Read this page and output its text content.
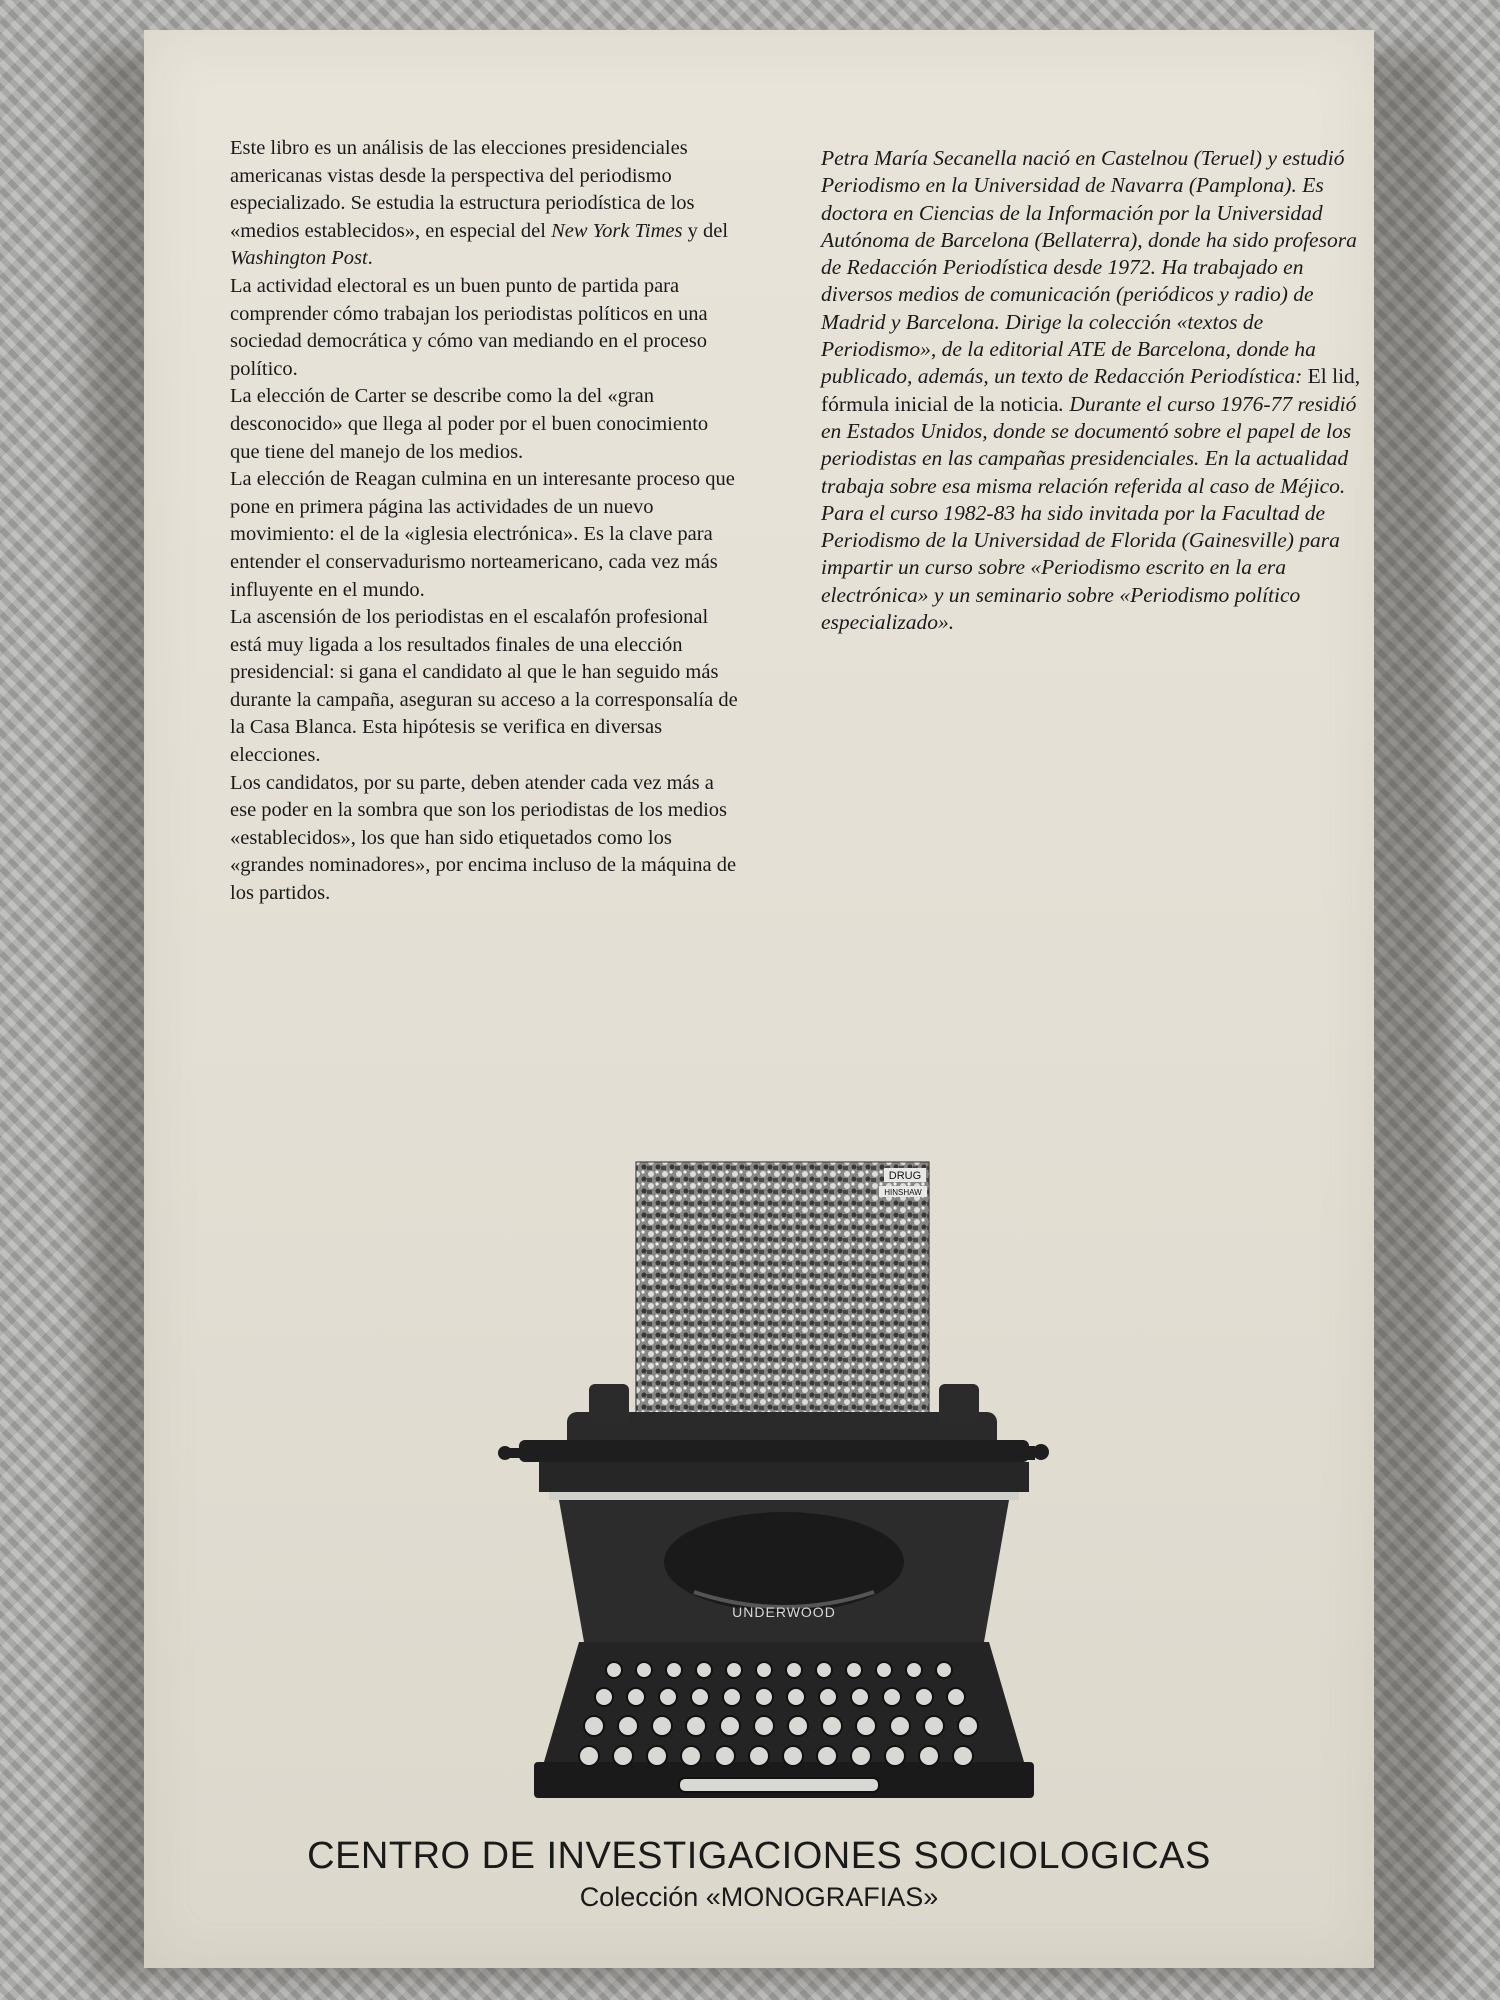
Este libro es un análisis de las elecciones presidenciales americanas vistas desde la perspectiva del periodismo especializado. Se estudia la estructura periodística de los «medios establecidos», en especial del New York Times y del Washington Post.

La actividad electoral es un buen punto de partida para comprender cómo trabajan los periodistas políticos en una sociedad democrática y cómo van mediando en el proceso político.

La elección de Carter se describe como la del «gran desconocido» que llega al poder por el buen conocimiento que tiene del manejo de los medios.

La elección de Reagan culmina en un interesante proceso que pone en primera página las actividades de un nuevo movimiento: el de la «iglesia electrónica». Es la clave para entender el conservadurismo norteamericano, cada vez más influyente en el mundo.

La ascensión de los periodistas en el escalafón profesional está muy ligada a los resultados finales de una elección presidencial: si gana el candidato al que le han seguido más durante la campaña, aseguran su acceso a la corresponsalía de la Casa Blanca. Esta hipótesis se verifica en diversas elecciones.

Los candidatos, por su parte, deben atender cada vez más a ese poder en la sombra que son los periodistas de los medios «establecidos», los que han sido etiquetados como los «grandes nominadores», por encima incluso de la máquina de los partidos.

Petra María Secanella nació en Castelnou (Teruel) y estudió Periodismo en la Universidad de Navarra (Pamplona). Es doctora en Ciencias de la Información por la Universidad Autónoma de Barcelona (Bellaterra), donde ha sido profesora de Redacción Periodística desde 1972. Ha trabajado en diversos medios de comunicación (periódicos y radio) de Madrid y Barcelona. Dirige la colección «textos de Periodismo», de la editorial ATE de Barcelona, donde ha publicado, además, un texto de Redacción Periodística: El lid, fórmula inicial de la noticia. Durante el curso 1976-77 residió en Estados Unidos, donde se documentó sobre el papel de los periodistas en las campañas presidenciales. En la actualidad trabaja sobre esa misma relación referida al caso de Méjico. Para el curso 1982-83 ha sido invitada por la Facultad de Periodismo de la Universidad de Florida (Gainesville) para impartir un curso sobre «Periodismo escrito en la era electrónica» y un seminario sobre «Periodismo político especializado».

DRUG
HINSHAW
UNDERWOOD
CENTRO DE INVESTIGACIONES SOCIOLOGICAS
Colección «MONOGRAFIAS»
